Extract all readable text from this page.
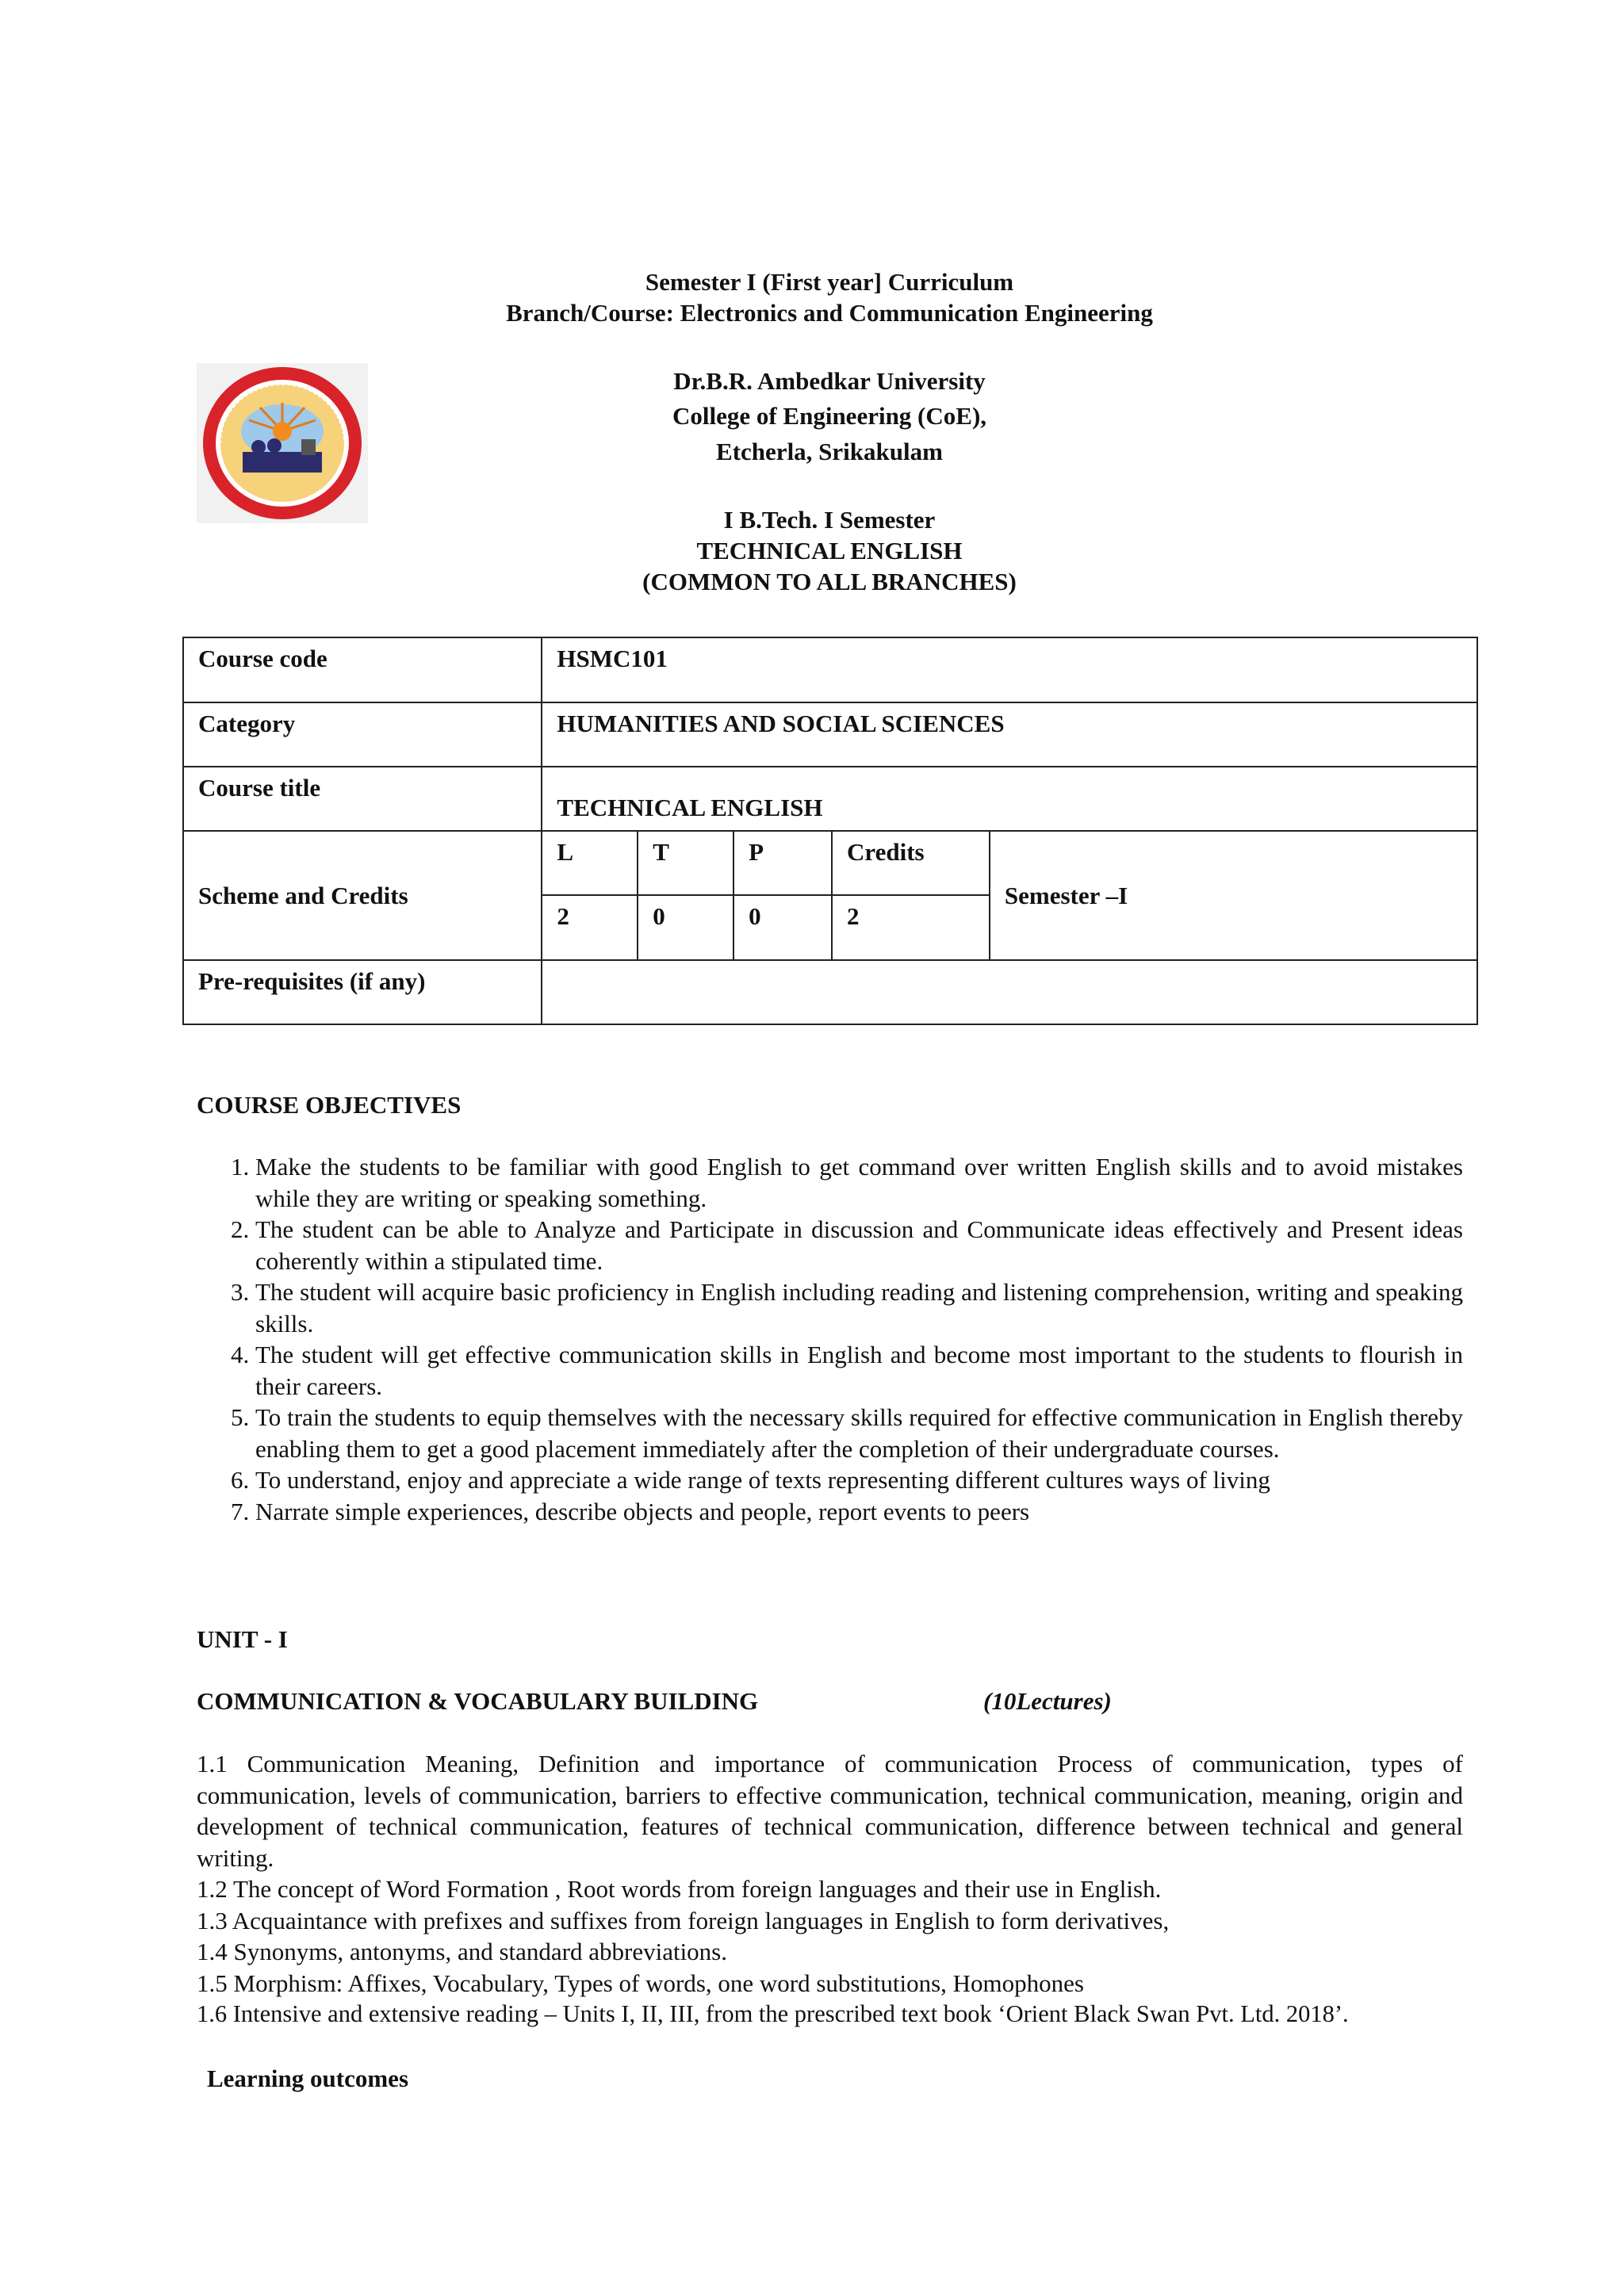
Semester I (First year] Curriculum
Branch/Course: Electronics and Communication Engineering
Dr.B.R. Ambedkar University
College of Engineering (CoE),
Etcherla, Srikakulam
I B.Tech. I Semester
TECHNICAL ENGLISH
(COMMON TO ALL BRANCHES)
Course code	HSMC101				
Category	HUMANITIES AND SOCIAL SCIENCES				
Course title	TECHNICAL ENGLISH				
Scheme and Credits	L	T	P	Credits	Semester –I
	2	0	0	2	
Pre-requisites (if any)					
COURSE OBJECTIVES
1. Make the students to be familiar with good English to get command over written English skills and to avoid mistakes while they are writing or speaking something.
2. The student can be able to Analyze and Participate in discussion and Communicate ideas effectively and Present ideas coherently within a stipulated time.
3. The student will acquire basic proficiency in English including reading and listening comprehension, writing and speaking skills.
4. The student will get effective communication skills in English and become most important to the students to flourish in their careers.
5. To train the students to equip themselves with the necessary skills required for effective communication in English thereby enabling them to get a good placement immediately after the completion of their undergraduate courses.
6. To understand, enjoy and appreciate a wide range of texts representing different cultures ways of living
7. Narrate simple experiences, describe objects and people, report events to peers
UNIT - I
COMMUNICATION & VOCABULARY BUILDING	(10Lectures)

1.1 Communication Meaning, Definition and importance of communication Process of communication, types of communication, levels of communication, barriers to effective communication, technical communication, meaning, origin and development of technical communication, features of technical communication, difference between technical and general writing.

1.2 The concept of Word Formation , Root words from foreign languages and their use in English.

1.3 Acquaintance with prefixes and suffixes from foreign languages in English to form derivatives,

1.4 Synonyms, antonyms, and standard abbreviations.

1.5 Morphism: Affixes, Vocabulary, Types of words, one word substitutions, Homophones

1.6 Intensive and extensive reading – Units I, II, III, from the prescribed text book ‘Orient Black Swan Pvt. Ltd. 2018’.

Learning outcomes
